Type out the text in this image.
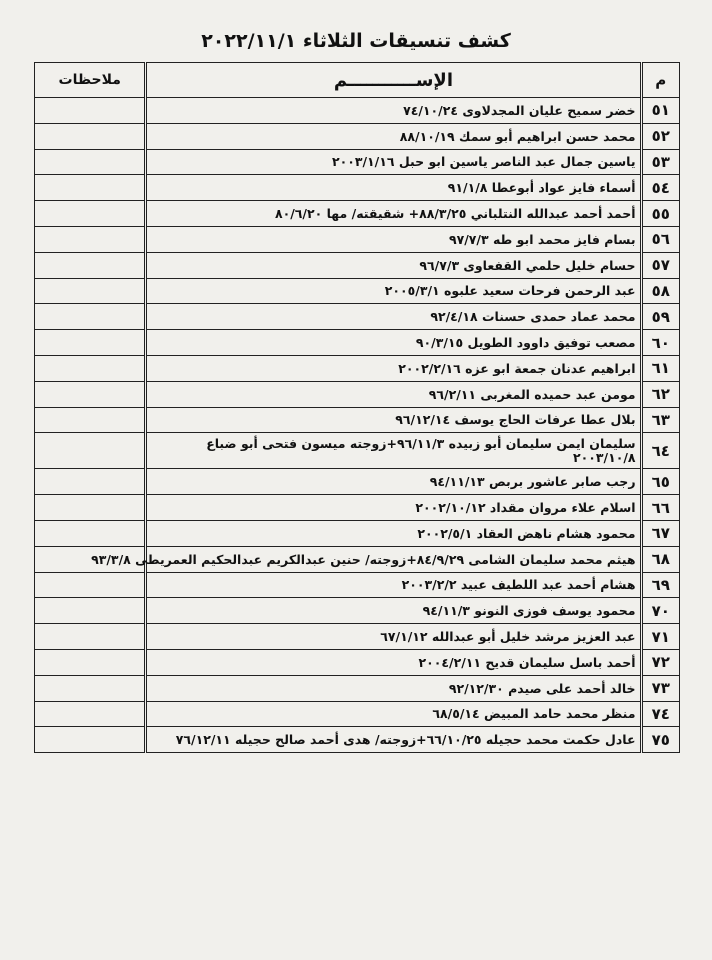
كشف تنسيقات الثلاثاء ٢٠٢٢/١١/١
م	الإســـــــــــم	ملاحظات
٥١	خضر سميح عليان المجدلاوى ٧٤/١٠/٢٤	
٥٢	محمد حسن ابراهيم أبو سمك ٨٨/١٠/١٩	
٥٣	ياسين جمال عبد الناصر ياسين ابو حبل ٢٠٠٣/١/١٦	
٥٤	أسماء فايز عواد أبوعطا ٩١/١/٨	
٥٥	أحمد أحمد عبدالله النتلباني ٨٨/٣/٢٥+ شقيقته/ مها ٨٠/٦/٢٠	
٥٦	بسام فايز محمد ابو طه ٩٧/٧/٣	
٥٧	حسام خليل حلمي القفعاوى ٩٦/٧/٣	
٥٨	عبد الرحمن فرحات سعيد علبوه ٢٠٠٥/٣/١	
٥٩	محمد عماد حمدى حسنات ٩٢/٤/١٨	
٦٠	مصعب توفيق داوود الطويل ٩٠/٣/١٥	
٦١	ابراهيم عدنان جمعة ابو عزه ٢٠٠٢/٢/١٦	
٦٢	مومن عبد حميده المغربى ٩٦/٢/١١	
٦٣	بلال عطا عرفات الحاج يوسف ٩٦/١٢/١٤	
٦٤	سليمان ايمن سليمان أبو زبيده ٩٦/١١/٣+زوجته ميسون فتحى أبو ضباع ٢٠٠٣/١٠/٨	
٦٥	رجب صابر عاشور بربص ٩٤/١١/١٣	
٦٦	اسلام علاء مروان مقداد ٢٠٠٢/١٠/١٢	
٦٧	محمود هشام ناهض العقاد ٢٠٠٢/٥/١	
٦٨	هيثم محمد سليمان الشامى ٨٤/٩/٢٩+زوجته/ حنين عبدالكريم عبدالحكيم العمريطى ٩٣/٣/٨	
٦٩	هشام أحمد عبد اللطيف عبيد ٢٠٠٣/٢/٢	
٧٠	محمود يوسف فوزى النونو ٩٤/١١/٣	
٧١	عبد العزيز مرشد خليل أبو عبدالله ٦٧/١/١٢	
٧٢	أحمد باسل سليمان قديح ٢٠٠٤/٢/١١	
٧٣	خالد أحمد على صيدم ٩٢/١٢/٣٠	
٧٤	منظر محمد حامد المبيض ٦٨/٥/١٤	
٧٥	عادل حكمت محمد حجيله ٦٦/١٠/٢٥+زوجته/ هدى أحمد صالح حجيله ٧٦/١٢/١١	
